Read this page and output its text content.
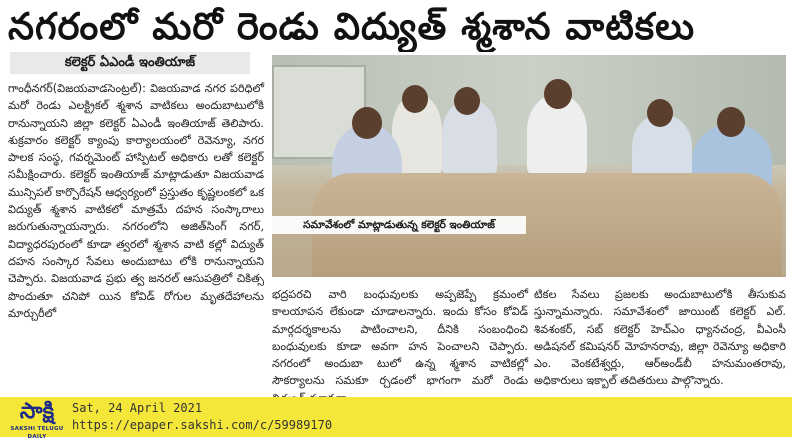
నగరంలో మరో రెండు విద్యుత్ శ్మశాన వాటికలు
కలెక్టర్ ఏఎండీ ఇంతియాజ్
సమావేశంలో మాట్లాడుతున్న కలెక్టర్ ఇంతియాజ్

గాంధీనగర్(విజయవాడసెంట్రల్): విజయవాడ నగర పరిధిలో మరో రెండు ఎలక్ట్రికల్ శ్మశాన వాటికలు అందుబాటులోకి రానున్నాయని జిల్లా కలెక్టర్ ఏఎండీ ఇంతియాజ్ తెలిపారు. శుక్రవారం కలెక్టర్ క్యాంపు కార్యాలయంలో రెవెన్యూ, నగర పాలక సంస్థ, గవర్నమెంట్ హాస్పిటల్ అధికారు లతో కలెక్టర్ సమీక్షించారు. కలెక్టర్ ఇంతియాజ్ మాట్లాడుతూ విజయవాడ మున్సిపల్ కార్పొరేషన్ ఆధ్వర్యంలో ప్రస్తుతం కృష్ణలంకలో ఒక విద్యుత్ శ్మశాన వాటికలో మాత్రమే దహన సంస్కారాలు జరుగుతున్నాయన్నారు. నగరంలోని అజిత్‌సింగ్ నగర్, విద్యాధరపురంలో కూడా త్వరలో శ్మశాన వాటి కల్లో విద్యుత్ దహన సంస్కార సేవలు అందుబాటు లోకి రానున్నాయని చెప్పారు. విజయవాడ ప్రభు త్వ జనరల్ ఆసుపత్రిలో చికిత్స పొందుతూ చనిపో యిన కోవిడ్ రోగుల మృతదేహాలను మార్చురీలో

భద్రపరచి వారి బంధువులకు అప్పజెప్పే క్రమంలో కాలయాపన లేకుండా చూడాలన్నారు. ఇందు కోసం కోవిడ్ మార్గదర్శకాలను పాటించాలని, దీనికి సంబంధించి బంధువులకు కూడా అవగా హన పెంచాలని చెప్పారు. నగరంలో అందుబా టులో ఉన్న శ్మశాన వాటికల్లో సౌకర్యాలను సమకూ ర్చడంలో భాగంగా మరో రెండు

టికల సేవలు ప్రజలకు అందుబాటులోకి తీసుకువ స్తున్నామన్నారు. సమావేశంలో జాయింట్ కలెక్టర్ ఎల్. శివశంకర్, సబ్ కలెక్టర్ హెచ్ఎం ధ్యానచంద్ర, వీఎంసీ అడిషనల్ కమిషనర్ మోహనరావు, జిల్లా రెవెన్యూ అధికారి ఎం. వెంకటేశ్వర్లు, ఆర్‌అండ్‌బీ హనుమంతరావు, అధికారులు ఇక్బాల్ తదితరులు పాల్గొన్నారు.

సాక్షి
SAKSHI TELUGU DAILY
Sat, 24 April 2021
https://epaper.sakshi.com/c/59989170
